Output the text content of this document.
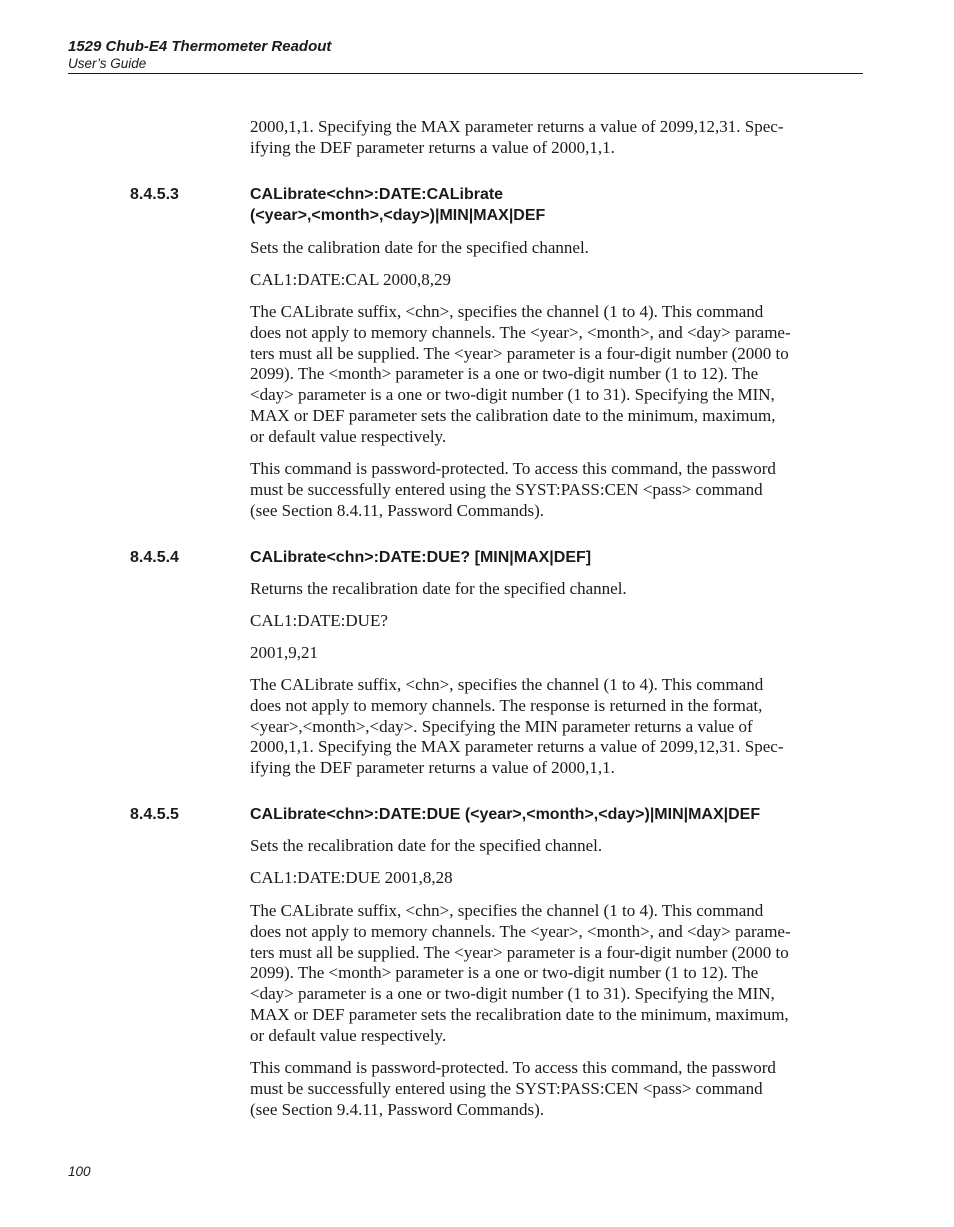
1529 Chub-E4 Thermometer Readout
User’s Guide

2000,1,1. Specifying the MAX parameter returns a value of 2099,12,31. Spec-
ifying the DEF parameter returns a value of 2000,1,1.

8.4.5.3	CALibrate<chn>:DATE:CALibrate
(<year>,<month>,<day>)|MIN|MAX|DEF

Sets the calibration date for the specified channel.

CAL1:DATE:CAL 2000,8,29

The CALibrate suffix, <chn>, specifies the channel (1 to 4). This command
does not apply to memory channels. The <year>, <month>, and <day> parame-
ters must all be supplied. The <year> parameter is a four-digit number (2000 to
2099). The <month> parameter is a one or two-digit number (1 to 12). The
<day> parameter is a one or two-digit number (1 to 31). Specifying the MIN,
MAX or DEF parameter sets the calibration date to the minimum, maximum,
or default value respectively.

This command is password-protected. To access this command, the password
must be successfully entered using the SYST:PASS:CEN <pass> command
(see Section 8.4.11, Password Commands).

8.4.5.4	CALibrate<chn>:DATE:DUE? [MIN|MAX|DEF]

Returns the recalibration date for the specified channel.

CAL1:DATE:DUE?

2001,9,21

The CALibrate suffix, <chn>, specifies the channel (1 to 4). This command
does not apply to memory channels. The response is returned in the format,
<year>,<month>,<day>. Specifying the MIN parameter returns a value of
2000,1,1. Specifying the MAX parameter returns a value of 2099,12,31. Spec-
ifying the DEF parameter returns a value of 2000,1,1.

8.4.5.5	CALibrate<chn>:DATE:DUE (<year>,<month>,<day>)|MIN|MAX|DEF

Sets the recalibration date for the specified channel.

CAL1:DATE:DUE 2001,8,28

The CALibrate suffix, <chn>, specifies the channel (1 to 4). This command
does not apply to memory channels. The <year>, <month>, and <day> parame-
ters must all be supplied. The <year> parameter is a four-digit number (2000 to
2099). The <month> parameter is a one or two-digit number (1 to 12). The
<day> parameter is a one or two-digit number (1 to 31). Specifying the MIN,
MAX or DEF parameter sets the recalibration date to the minimum, maximum,
or default value respectively.

This command is password-protected. To access this command, the password
must be successfully entered using the SYST:PASS:CEN <pass> command
(see Section 9.4.11, Password Commands).

100
